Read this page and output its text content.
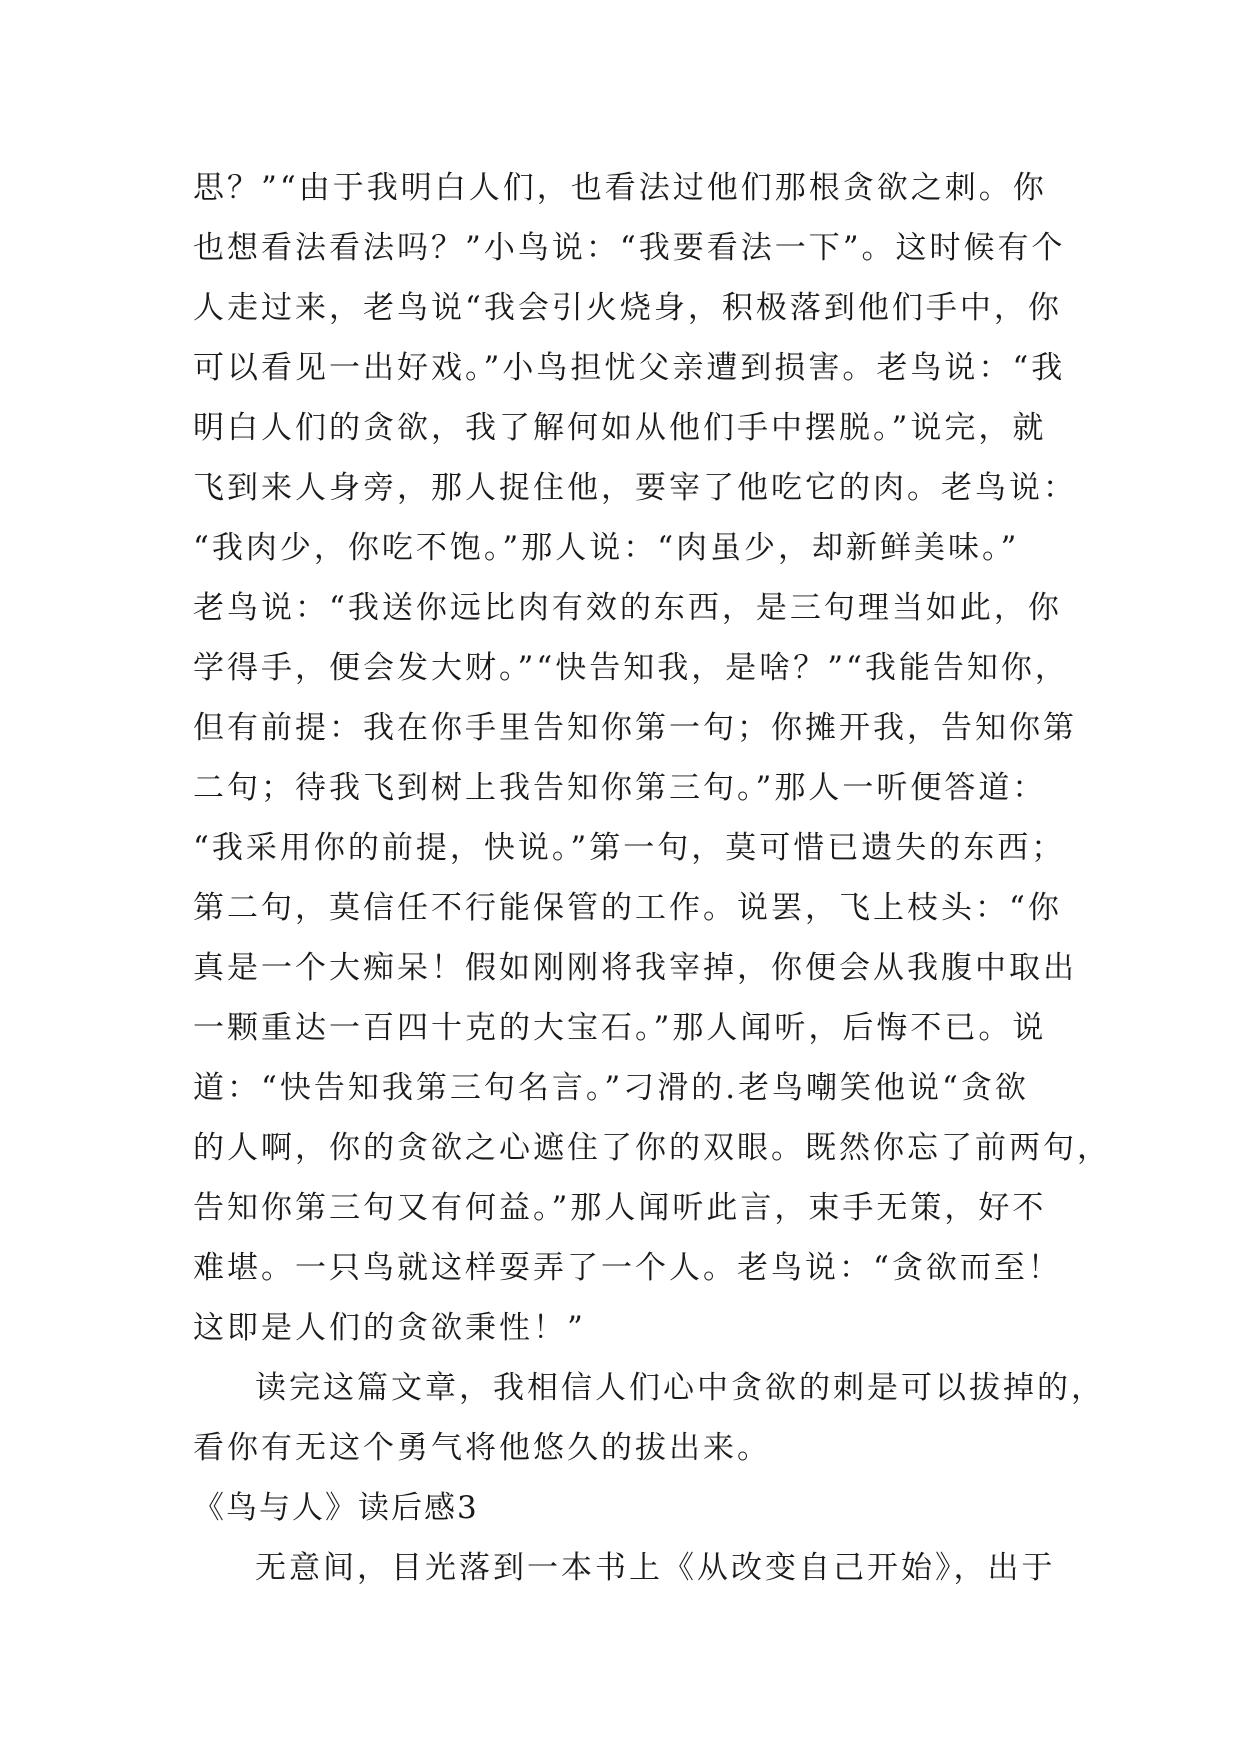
思？”“由于我明白人们，也看法过他们那根贪欲之刺。你
也想看法看法吗？”小鸟说：“我要看法一下”。这时候有个
人走过来，老鸟说“我会引火烧身，积极落到他们手中，你
可以看见一出好戏。”小鸟担忧父亲遭到损害。老鸟说：“我
明白人们的贪欲，我了解何如从他们手中摆脱。”说完，就
飞到来人身旁，那人捉住他，要宰了他吃它的肉。老鸟说：
“我肉少，你吃不饱。”那人说：“肉虽少，却新鲜美味。”
老鸟说：“我送你远比肉有效的东西，是三句理当如此，你
学得手，便会发大财。”“快告知我，是啥？”“我能告知你，
但有前提：我在你手里告知你第一句；你摊开我，告知你第
二句；待我飞到树上我告知你第三句。”那人一听便答道：
“我采用你的前提，快说。”第一句，莫可惜已遗失的东西；
第二句，莫信任不行能保管的工作。说罢，飞上枝头：“你
真是一个大痴呆！假如刚刚将我宰掉，你便会从我腹中取出
一颗重达一百四十克的大宝石。”那人闻听，后悔不已。说
道：“快告知我第三句名言。”刁滑的.老鸟嘲笑他说“贪欲
的人啊，你的贪欲之心遮住了你的双眼。既然你忘了前两句，
告知你第三句又有何益。”那人闻听此言，束手无策，好不
难堪。一只鸟就这样耍弄了一个人。老鸟说：“贪欲而至！
这即是人们的贪欲秉性！”
读完这篇文章，我相信人们心中贪欲的刺是可以拔掉的，
看你有无这个勇气将他悠久的拔出来。
《鸟与人》读后感3
无意间，目光落到一本书上《从改变自己开始》，出于
